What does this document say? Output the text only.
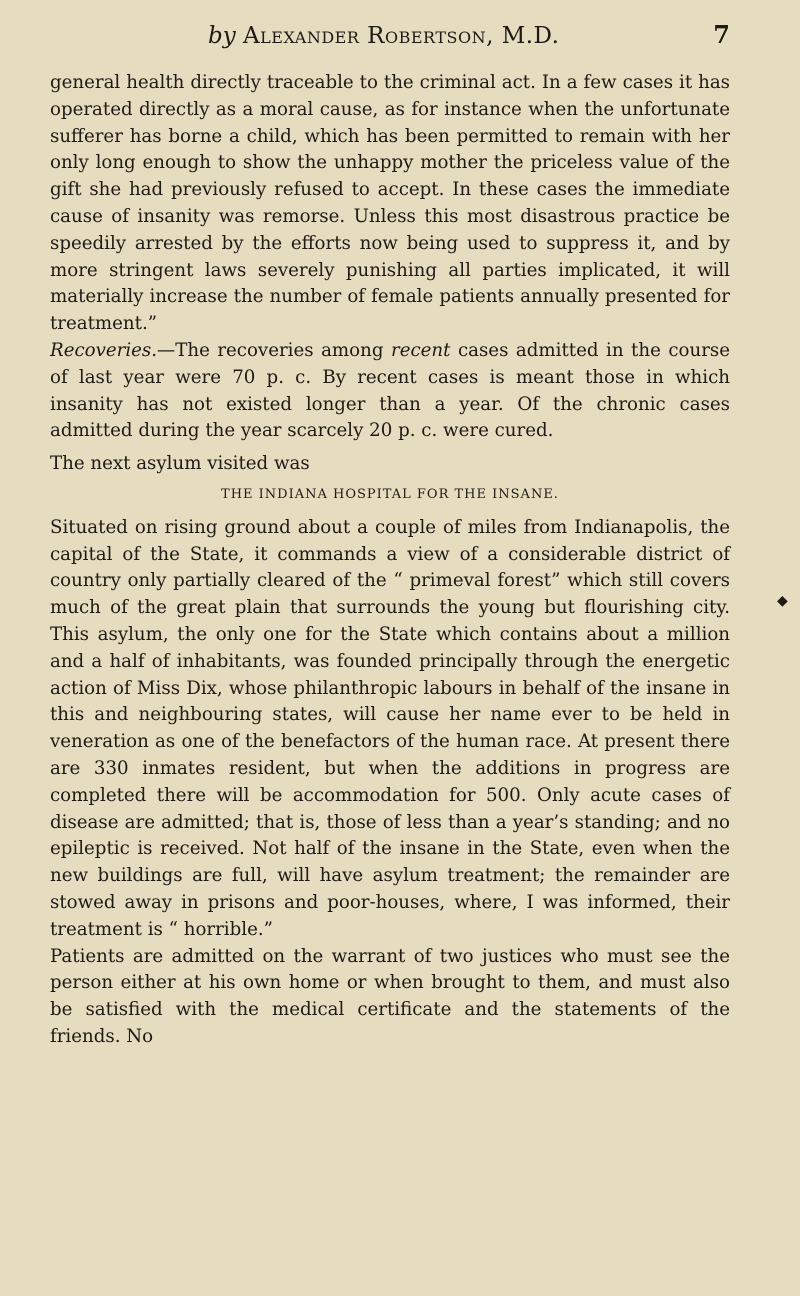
by Alexander Robertson, M.D.	7

general health directly traceable to the criminal act. In a few cases it has operated directly as a moral cause, as for instance when the unfortunate sufferer has borne a child, which has been permitted to remain with her only long enough to show the unhappy mother the priceless value of the gift she had previously refused to accept. In these cases the immediate cause of insanity was remorse. Unless this most disastrous practice be speedily arrested by the efforts now being used to suppress it, and by more stringent laws severely punishing all parties implicated, it will materially increase the number of female patients annually presented for treatment.”

Recoveries.—The recoveries among recent cases admitted in the course of last year were 70 p. c. By recent cases is meant those in which insanity has not existed longer than a year. Of the chronic cases admitted during the year scarcely 20 p. c. were cured.

The next asylum visited was

THE INDIANA HOSPITAL FOR THE INSANE.

Situated on rising ground about a couple of miles from Indianapolis, the capital of the State, it commands a view of a considerable district of country only partially cleared of the “ primeval forest” which still covers much of the great plain that surrounds the young but flourishing city. This asylum, the only one for the State which contains about a million and a half of inhabitants, was founded principally through the energetic action of Miss Dix, whose philanthropic labours in behalf of the insane in this and neighbouring states, will cause her name ever to be held in veneration as one of the benefactors of the human race. At present there are 330 inmates resident, but when the additions in progress are completed there will be accommodation for 500. Only acute cases of disease are admitted; that is, those of less than a year’s standing; and no epileptic is received. Not half of the insane in the State, even when the new buildings are full, will have asylum treatment; the remainder are stowed away in prisons and poor-houses, where, I was informed, their treatment is “ horrible.”

Patients are admitted on the warrant of two justices who must see the person either at his own home or when brought to them, and must also be satisfied with the medical certificate and the statements of the friends. No

◆
